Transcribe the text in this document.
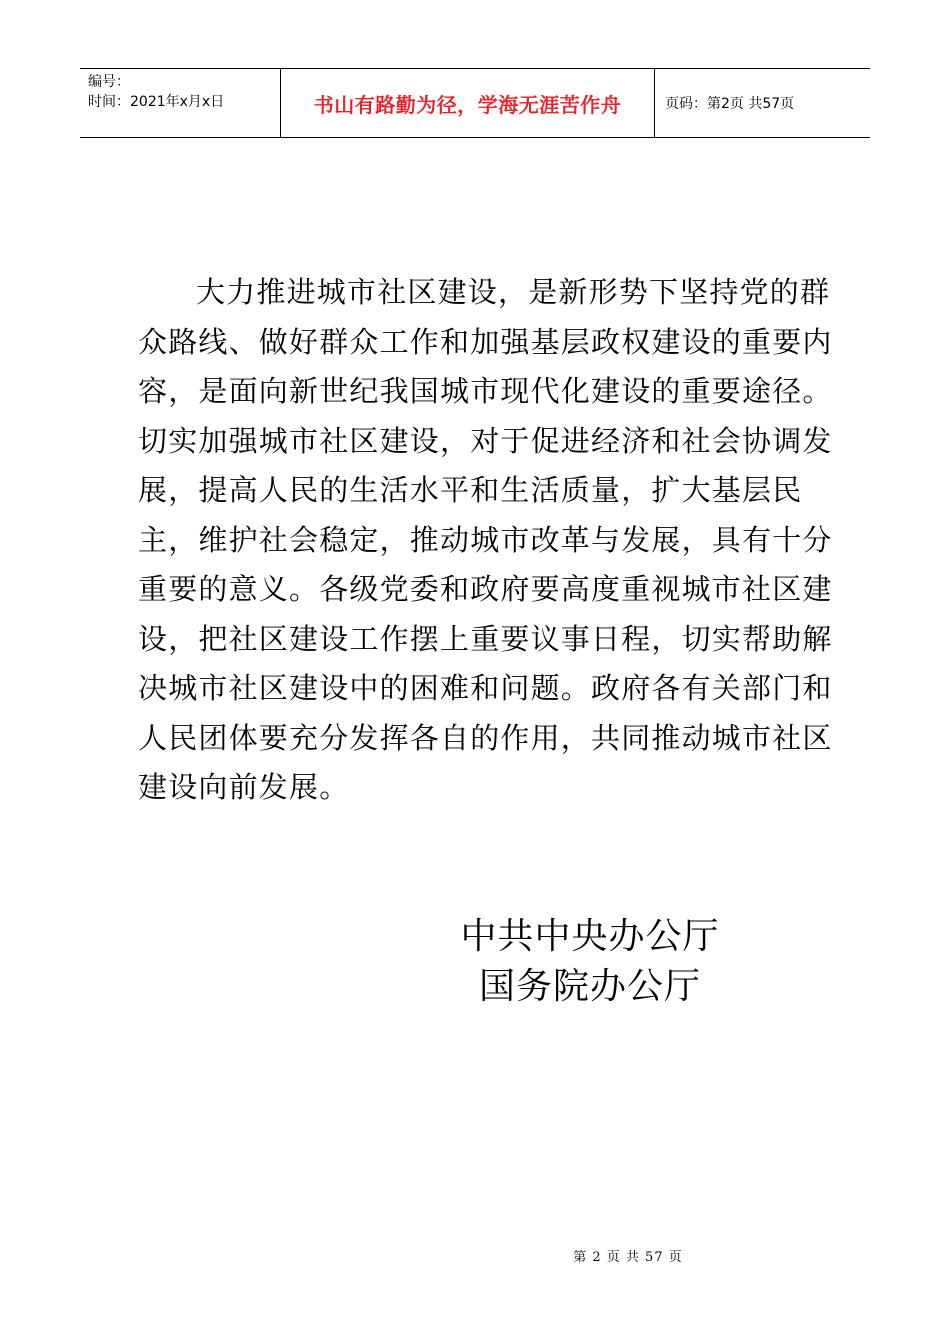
编号：
时间：2021年x月x日	书山有路勤为径，学海无涯苦作舟	页码：第2页 共57页

大力推进城市社区建设，是新形势下坚持党的群众路线、做好群众工作和加强基层政权建设的重要内容，是面向新世纪我国城市现代化建设的重要途径。切实加强城市社区建设，对于促进经济和社会协调发展，提高人民的生活水平和生活质量，扩大基层民主，维护社会稳定，推动城市改革与发展，具有十分重要的意义。各级党委和政府要高度重视城市社区建设，把社区建设工作摆上重要议事日程，切实帮助解决城市社区建设中的困难和问题。政府各有关部门和人民团体要充分发挥各自的作用，共同推动城市社区建设向前发展。

中共中央办公厅
国务院办公厅
第 2 页 共 57 页
